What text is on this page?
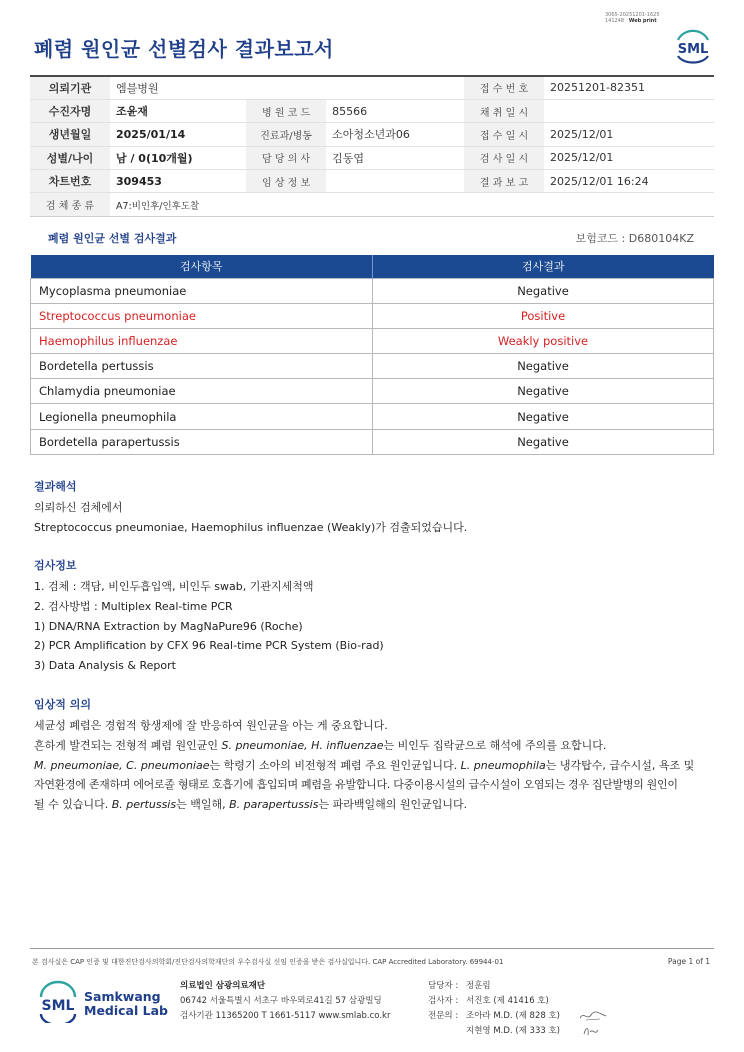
3065-20251201-1625
141248 Web print
폐렴 원인균 선별검사 결과보고서	SML
의뢰기관	엠블병원			접 수 번 호	20251201-82351
수진자명	조윤재	병 원 코 드	85566	채 취 일 시	
생년월일	2025/01/14	진료과/병동	소아청소년과06	접 수 일 시	2025/12/01
성별/나이	남 / 0(10개월)	담 당 의 사	김동엽	검 사 일 시	2025/12/01
차트번호	309453	임 상 정 보		결 과 보 고	2025/12/01 16:24
검 체 종 류	A7:비인후/인후도찰				
폐렴 원인균 선별 검사결과	보험코드 : D680104KZ
검사항목	검사결과
Mycoplasma pneumoniae	Negative
Streptococcus pneumoniae	Positive
Haemophilus influenzae	Weakly positive
Bordetella pertussis	Negative
Chlamydia pneumoniae	Negative
Legionella pneumophila	Negative
Bordetella parapertussis	Negative
결과해석
의뢰하신 검체에서
Streptococcus pneumoniae, Haemophilus influenzae (Weakly)가 검출되었습니다.
검사정보
1. 검체 : 객담, 비인두흡입액, 비인두 swab, 기관지세척액
2. 검사방법 : Multiplex Real-time PCR
1) DNA/RNA Extraction by MagNaPure96 (Roche)
2) PCR Amplification by CFX 96 Real-time PCR System (Bio-rad)
3) Data Analysis & Report
임상적 의의
세균성 폐렴은 경험적 항생제에 잘 반응하여 원인균을 아는 게 중요합니다.
흔하게 발견되는 전형적 폐렴 원인균인 S. pneumoniae, H. influenzae는 비인두 집락균으로 해석에 주의를 요합니다.
M. pneumoniae, C. pneumoniae는 학령기 소아의 비전형적 폐렴 주요 원인균입니다. L. pneumophila는 냉각탑수, 급수시설, 욕조 및
자연환경에 존재하며 에어로졸 형태로 호흡기에 흡입되며 폐렴을 유발합니다. 다중이용시설의 급수시설이 오염되는 경우 집단발병의 원인이
될 수 있습니다. B. pertussis는 백일해, B. parapertussis는 파라백일해의 원인균입니다.
본 검사실은 CAP 인증 및 대한진단검사의학회/진단검사의학재단의 우수검사실 신임 인증을 받은 검사실입니다. CAP Accredited Laboratory. 69944-01	Page 1 of 1
SML
Samkwang
Medical Lab
의료법인 삼광의료재단
06742 서울특별시 서초구 바우뫼로41길 57 삼광빌딩
검사기관 11365200 T 1661-5117 www.smlab.co.kr
담당자 : 정훈림
검사자 : 서진호 (제 41416 호)
전문의 : 조아라 M.D. (제 828 호)
지현영 M.D. (제 333 호)
